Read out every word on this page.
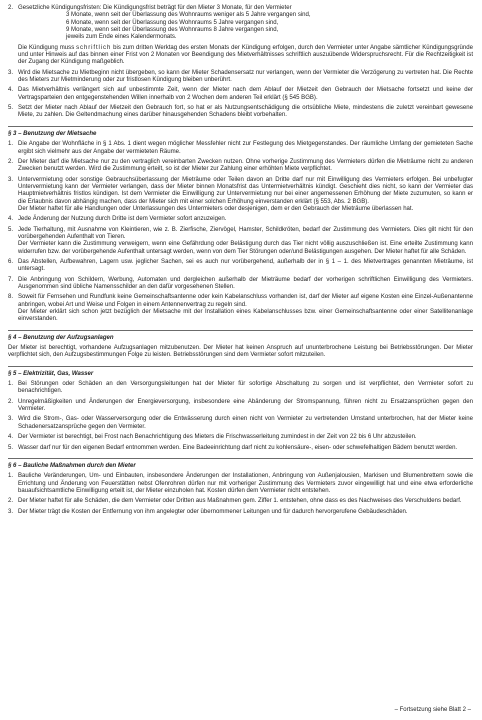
2. Gesetzliche Kündigungsfristen: Die Kündigungsfrist beträgt für den Mieter 3 Monate, für den Vermieter

3 Monate, wenn seit der Überlassung des Wohnraums weniger als 5 Jahre vergangen sind,

6 Monate, wenn seit der Überlassung des Wohnraums 5 Jahre vergangen sind,

9 Monate, wenn seit der Überlassung des Wohnraums 8 Jahre vergangen sind,

jeweils zum Ende eines Kalendermonats.

Die Kündigung muss schriftlich bis zum dritten Werktag des ersten Monats der Kündigung erfolgen, durch den Vermieter unter Angabe sämtlicher Kündigungsgründe und unter Hinweis auf das binnen einer Frist von 2 Monaten vor Beendigung des Mietverhältnisses schriftlich auszuübende Widerspruchsrecht. Für die Rechtzeitigkeit ist der Zugang der Kündigung maßgeblich.

3. Wird die Mietsache zu Mietbeginn nicht übergeben, so kann der Mieter Schadensersatz nur verlangen, wenn der Vermieter die Verzögerung zu vertreten hat. Die Rechte des Mieters zur Mietminderung oder zur fristlosen Kündigung bleiben unberührt.

4. Das Mietverhältnis verlängert sich auf unbestimmte Zeit, wenn der Mieter nach dem Ablauf der Mietzeit den Gebrauch der Mietsache fortsetzt und keine der Vertragsparteien den entgegenstehenden Willen innerhalb von 2 Wochen dem anderen Teil erklärt (§ 545 BGB).

5. Setzt der Mieter nach Ablauf der Mietzeit den Gebrauch fort, so hat er als Nutzungsentschädigung die ortsübliche Miete, mindestens die zuletzt vereinbart gewesene Miete, zu zahlen. Die Geltendmachung eines darüber hinausgehenden Schadens bleibt vorbehalten.

§ 3 – Benutzung der Mietsache

1. Die Angabe der Wohnfläche in § 1 Abs. 1 dient wegen möglicher Messfehler nicht zur Festlegung des Mietgegenstandes. Der räumliche Umfang der gemieteten Sache ergibt sich vielmehr aus der Angabe der vermieteten Räume.

2. Der Mieter darf die Mietsache nur zu den vertraglich vereinbarten Zwecken nutzen. Ohne vorherige Zustimmung des Vermieters dürfen die Mieträume nicht zu anderen Zwecken benutzt werden. Wird die Zustimmung erteilt, so ist der Mieter zur Zahlung einer erhöhten Miete verpflichtet.

3. Untervermietung oder sonstige Gebrauchsüberlassung der Mieträume oder Teilen davon an Dritte darf nur mit Einwilligung des Vermieters erfolgen. Bei unbefugter Untervermietung kann der Vermieter verlangen, dass der Mieter binnen Monatsfrist das Untermietverhältnis kündigt. Geschieht dies nicht, so kann der Vermieter das Hauptmietverhältnis fristlos kündigen. Ist dem Vermieter die Einwilligung zur Untervermietung nur bei einer angemessenen Erhöhung der Miete zuzumuten, so kann er die Erlaubnis davon abhängig machen, dass der Mieter sich mit einer solchen Erhöhung einverstanden erklärt (§ 553, Abs. 2 BGB).

Der Mieter haftet für alle Handlungen oder Unterlassungen des Untermieters oder desjenigen, dem er den Gebrauch der Mieträume überlassen hat.

4. Jede Änderung der Nutzung durch Dritte ist dem Vermieter sofort anzuzeigen.

5. Jede Tierhaltung, mit Ausnahme von Kleintieren, wie z. B. Zierfische, Ziervögel, Hamster, Schildkröten, bedarf der Zustimmung des Vermieters. Dies gilt nicht für den vorübergehenden Aufenthalt von Tieren.

Der Vermieter kann die Zustimmung verweigern, wenn eine Gefährdung oder Belästigung durch das Tier nicht völlig auszuschließen ist. Eine erteilte Zustimmung kann widerrufen bzw. der vorübergehende Aufenthalt untersagt werden, wenn von dem Tier Störungen oder/und Belästigungen ausgehen. Der Mieter haftet für alle Schäden.

6. Das Abstellen, Aufbewahren, Lagern usw. jeglicher Sachen, sei es auch nur vorübergehend, außerhalb der in § 1 – 1. des Mietvertrages genannten Mieträume, ist untersagt.

7. Die Anbringung von Schildern, Werbung, Automaten und dergleichen außerhalb der Mieträume bedarf der vorherigen schriftlichen Einwilligung des Vermieters. Ausgenommen sind übliche Namensschilder an den dafür vorgesehenen Stellen.

8. Soweit für Fernsehen und Rundfunk keine Gemeinschaftsantenne oder kein Kabelanschluss vorhanden ist, darf der Mieter auf eigene Kosten eine Einzel-Außenantenne anbringen, wobei Art und Weise und Folgen in einem Antennenvertrag zu regeln sind.

Der Mieter erklärt sich schon jetzt bezüglich der Mietsache mit der Installation eines Kabelanschlusses bzw. einer Gemeinschaftsantenne oder einer Satellitenanlage einverstanden.

§ 4 – Benutzung der Aufzugsanlagen

Der Mieter ist berechtigt, vorhandene Aufzugsanlagen mitzubenutzen. Der Mieter hat keinen Anspruch auf ununterbrochene Leistung bei Betriebsstörungen. Der Mieter verpflichtet sich, den Aufzugsbestimmungen Folge zu leisten. Betriebsstörungen sind dem Vermieter sofort mitzuteilen.

§ 5 – Elektrizität, Gas, Wasser

1. Bei Störungen oder Schäden an den Versorgungsleitungen hat der Mieter für sofortige Abschaltung zu sorgen und ist verpflichtet, den Vermieter sofort zu benachrichtigen.

2. Unregelmäßigkeiten und Änderungen der Energieversorgung, insbesondere eine Abänderung der Stromspannung, führen nicht zu Ersatzansprüchen gegen den Vermieter.

3. Wird die Strom-, Gas- oder Wasserversorgung oder die Entwässerung durch einen nicht von Vermieter zu vertretenden Umstand unterbrochen, hat der Mieter keine Schadenersatzansprüche gegen den Vermieter.

4. Der Vermieter ist berechtigt, bei Frost nach Benachrichtigung des Mieters die Frischwasserleitung zumindest in der Zeit von 22 bis 6 Uhr abzusteilen.

5. Wasser darf nur für den eigenen Bedarf entnommen werden. Eine Badeeinrichtung darf nicht zu kohlensäure-, eisen- oder schwefelhaltigen Bädern benutzt werden.

§ 6 – Bauliche Maßnahmen durch den Mieter

1. Bauliche Veränderungen, Um- und Einbauten, insbesondere Änderungen der Installationen, Anbringung von Außenjalousien, Markisen und Blumenbrettern sowie die Errichtung und Änderung von Feuerstätten nebst Ofenrohren dürfen nur mit vorheriger Zustimmung des Vermieters zuvor eingewilligt hat und eine etwa erforderliche bauaufsichtsamtliche Einwilligung erteilt ist, der Mieter einzuholen hat. Kosten dürfen dem Vermieter nicht entstehen.

2. Der Mieter haftet für alle Schäden, die dem Vermieter oder Dritten aus Maßnahmen gem. Ziffer 1. entstehen, ohne dass es des Nachweises des Verschuldens bedarf.

3. Der Mieter trägt die Kosten der Entfernung von ihm angelegter oder übernommener Leitungen und für dadurch hervorgerufene Gebäudeschäden.

– Fortsetzung siehe Blatt 2 –
